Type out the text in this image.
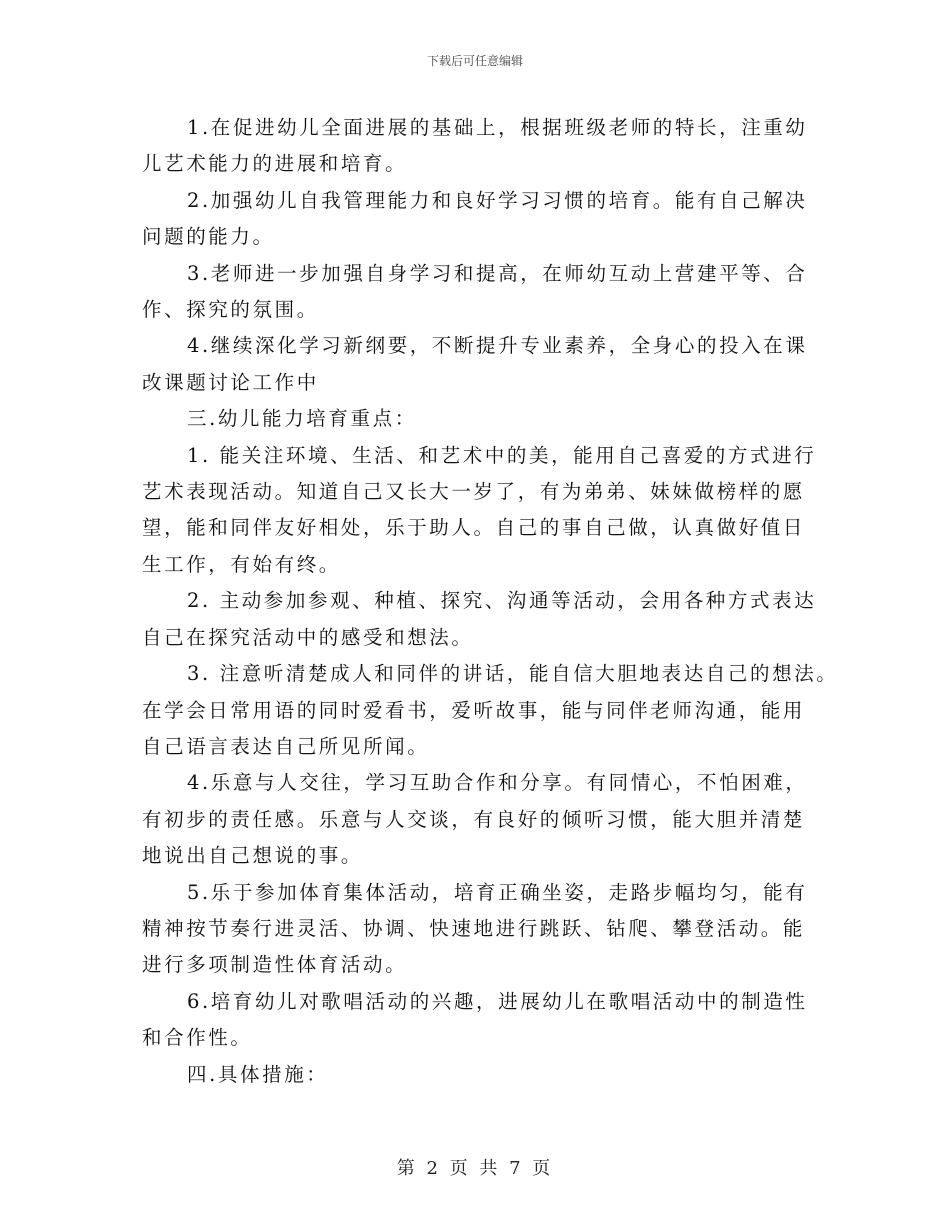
下载后可任意编辑

1.在促进幼儿全面进展的基础上，根据班级老师的特长，注重幼
儿艺术能力的进展和培育。

2.加强幼儿自我管理能力和良好学习习惯的培育。能有自己解决
问题的能力。

3.老师进一步加强自身学习和提高，在师幼互动上营建平等、合
作、探究的氛围。

4.继续深化学习新纲要，不断提升专业素养，全身心的投入在课
改课题讨论工作中

三.幼儿能力培育重点：

1. 能关注环境、生活、和艺术中的美，能用自己喜爱的方式进行
艺术表现活动。知道自己又长大一岁了，有为弟弟、妹妹做榜样的愿
望，能和同伴友好相处，乐于助人。自己的事自己做，认真做好值日
生工作，有始有终。

2. 主动参加参观、种植、探究、沟通等活动，会用各种方式表达
自己在探究活动中的感受和想法。

3. 注意听清楚成人和同伴的讲话，能自信大胆地表达自己的想法。
在学会日常用语的同时爱看书，爱听故事，能与同伴老师沟通，能用
自己语言表达自己所见所闻。

4.乐意与人交往，学习互助合作和分享。有同情心，不怕困难，
有初步的责任感。乐意与人交谈，有良好的倾听习惯，能大胆并清楚
地说出自己想说的事。

5.乐于参加体育集体活动，培育正确坐姿，走路步幅均匀，能有
精神按节奏行进灵活、协调、快速地进行跳跃、钻爬、攀登活动。能
进行多项制造性体育活动。

6.培育幼儿对歌唱活动的兴趣，进展幼儿在歌唱活动中的制造性
和合作性。

四.具体措施：

第 2 页 共 7 页
